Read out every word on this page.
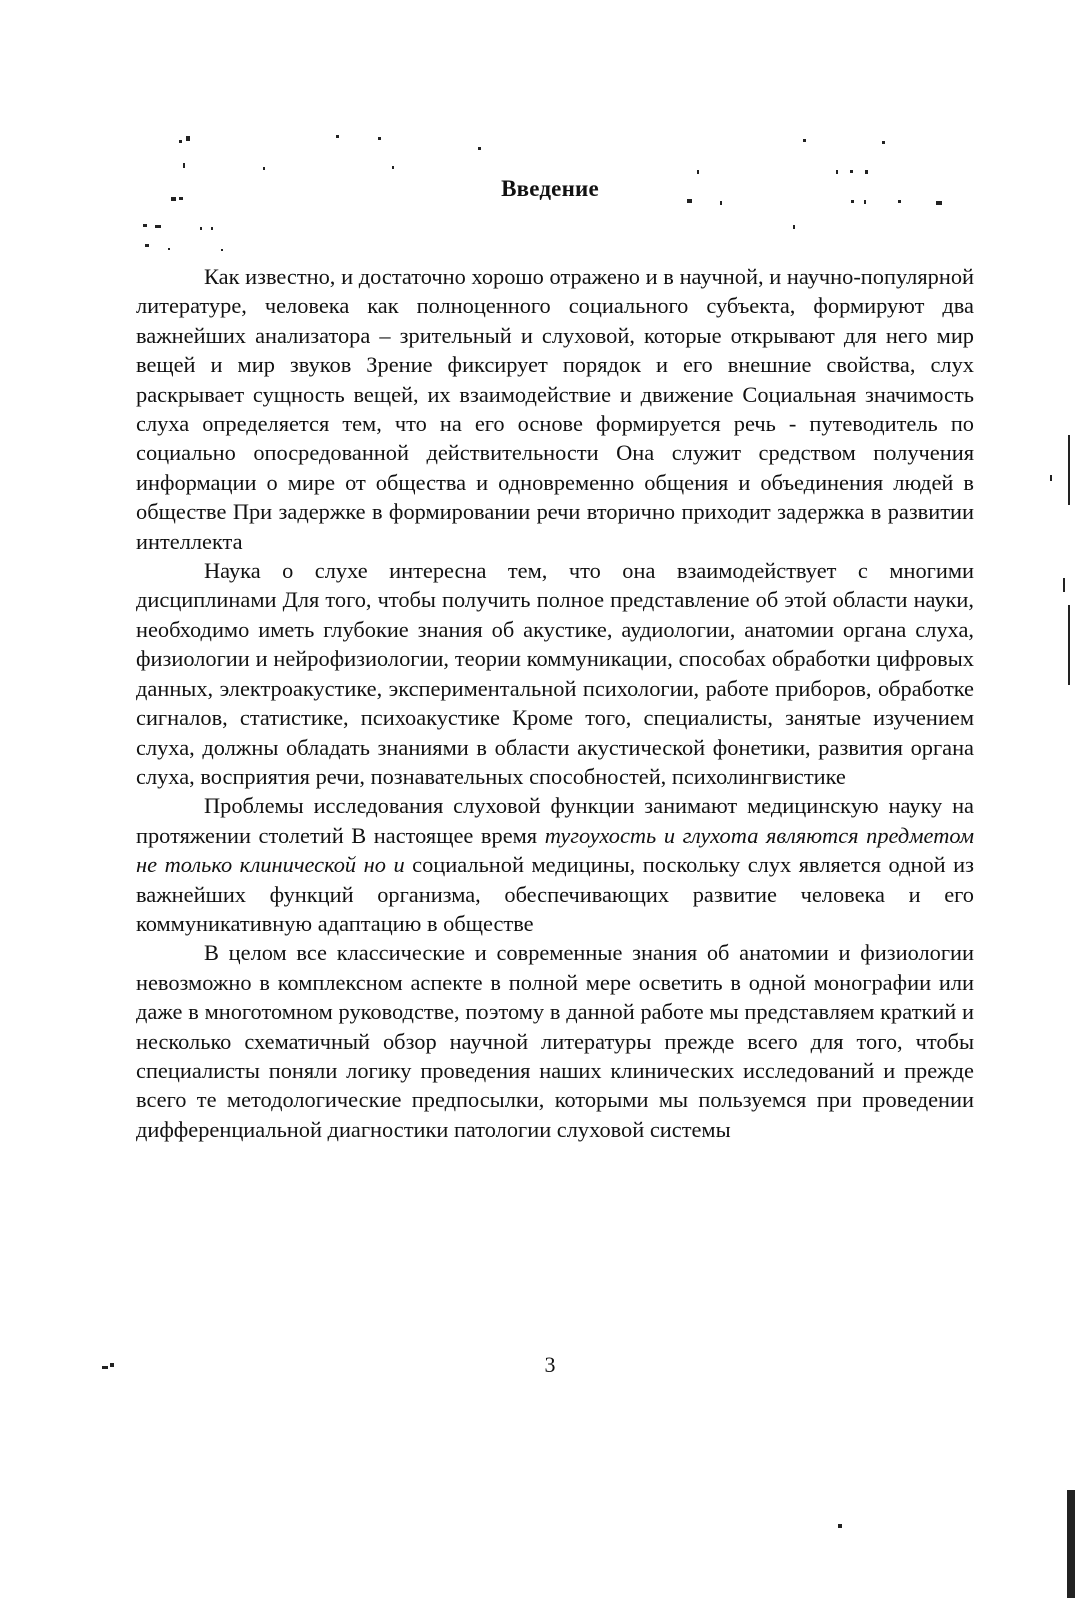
Введение

Как известно, и достаточно хорошо отражено и в научной, и научно-популярной литературе, человека как полноценного социального субъекта, формируют два важнейших анализатора – зрительный и слуховой, которые открывают для него мир вещей и мир звуков Зрение фиксирует порядок и его внешние свойства, слух раскрывает сущность вещей, их взаимодействие и движение Социальная значимость слуха определяется тем, что на его основе формируется речь - путеводитель по социально опосредованной действительности Она служит средством получения информации о мире от общества и одновременно общения и объединения людей в обществе При задержке в формировании речи вторично приходит задержка в развитии интеллекта

Наука о слухе интересна тем, что она взаимодействует с многими дисциплинами Для того, чтобы получить полное представление об этой области науки, необходимо иметь глубокие знания об акустике, аудиологии, анатомии органа слуха, физиологии и нейрофизиологии, теории коммуникации, способах обработки цифровых данных, электроакустике, экспериментальной психологии, работе приборов, обработке сигналов, статистике, психоакустике Кроме того, специалисты, занятые изучением слуха, должны обладать знаниями в области акустической фонетики, развития органа слуха, восприятия речи, познавательных способностей, психолингвистике

Проблемы исследования слуховой функции занимают медицинскую науку на протяжении столетий В настоящее время тугоухость и глухота являются предметом не только клинической но и социальной медицины, поскольку слух является одной из важнейших функций организма, обеспечивающих развитие человека и его коммуникативную адаптацию в обществе

В целом все классические и современные знания об анатомии и физиологии невозможно в комплексном аспекте в полной мере осветить в одной монографии или даже в многотомном руководстве, поэтому в данной работе мы представляем краткий и несколько схематичный обзор научной литературы прежде всего для того, чтобы специалисты поняли логику проведения наших клинических исследований и прежде всего те методологические предпосылки, которыми мы пользуемся при проведении дифференциальной диагностики патологии слуховой системы

3
